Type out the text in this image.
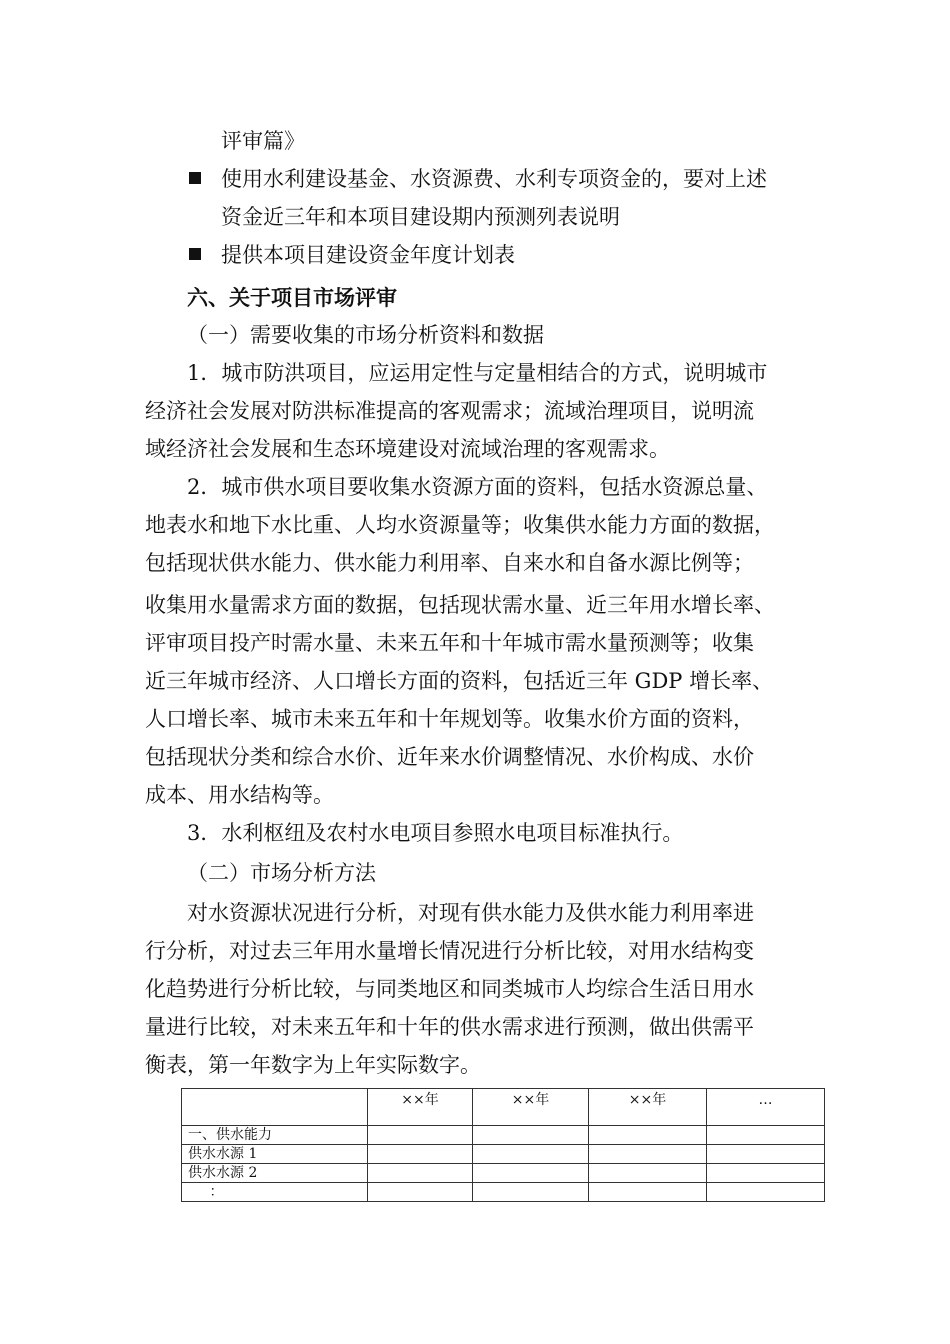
评审篇》
使用水利建设基金、水资源费、水利专项资金的，要对上述
资金近三年和本项目建设期内预测列表说明
提供本项目建设资金年度计划表
六、关于项目市场评审
（一）需要收集的市场分析资料和数据
1．城市防洪项目，应运用定性与定量相结合的方式，说明城市
经济社会发展对防洪标准提高的客观需求；流域治理项目，说明流
域经济社会发展和生态环境建设对流域治理的客观需求。
2．城市供水项目要收集水资源方面的资料，包括水资源总量、
地表水和地下水比重、人均水资源量等；收集供水能力方面的数据，
包括现状供水能力、供水能力利用率、自来水和自备水源比例等；
收集用水量需求方面的数据，包括现状需水量、近三年用水增长率、
评审项目投产时需水量、未来五年和十年城市需水量预测等；收集
近三年城市经济、人口增长方面的资料，包括近三年 GDP 增长率、
人口增长率、城市未来五年和十年规划等。收集水价方面的资料，
包括现状分类和综合水价、近年来水价调整情况、水价构成、水价
成本、用水结构等。
3．水利枢纽及农村水电项目参照水电项目标准执行。
（二）市场分析方法
对水资源状况进行分析，对现有供水能力及供水能力利用率进
行分析，对过去三年用水量增长情况进行分析比较，对用水结构变
化趋势进行分析比较，与同类地区和同类城市人均综合生活日用水
量进行比较，对未来五年和十年的供水需求进行预测，做出供需平
衡表，第一年数字为上年实际数字。
	××年	××年	××年	…
一、供水能力				
供水水源 1				
供水水源 2				
：				
